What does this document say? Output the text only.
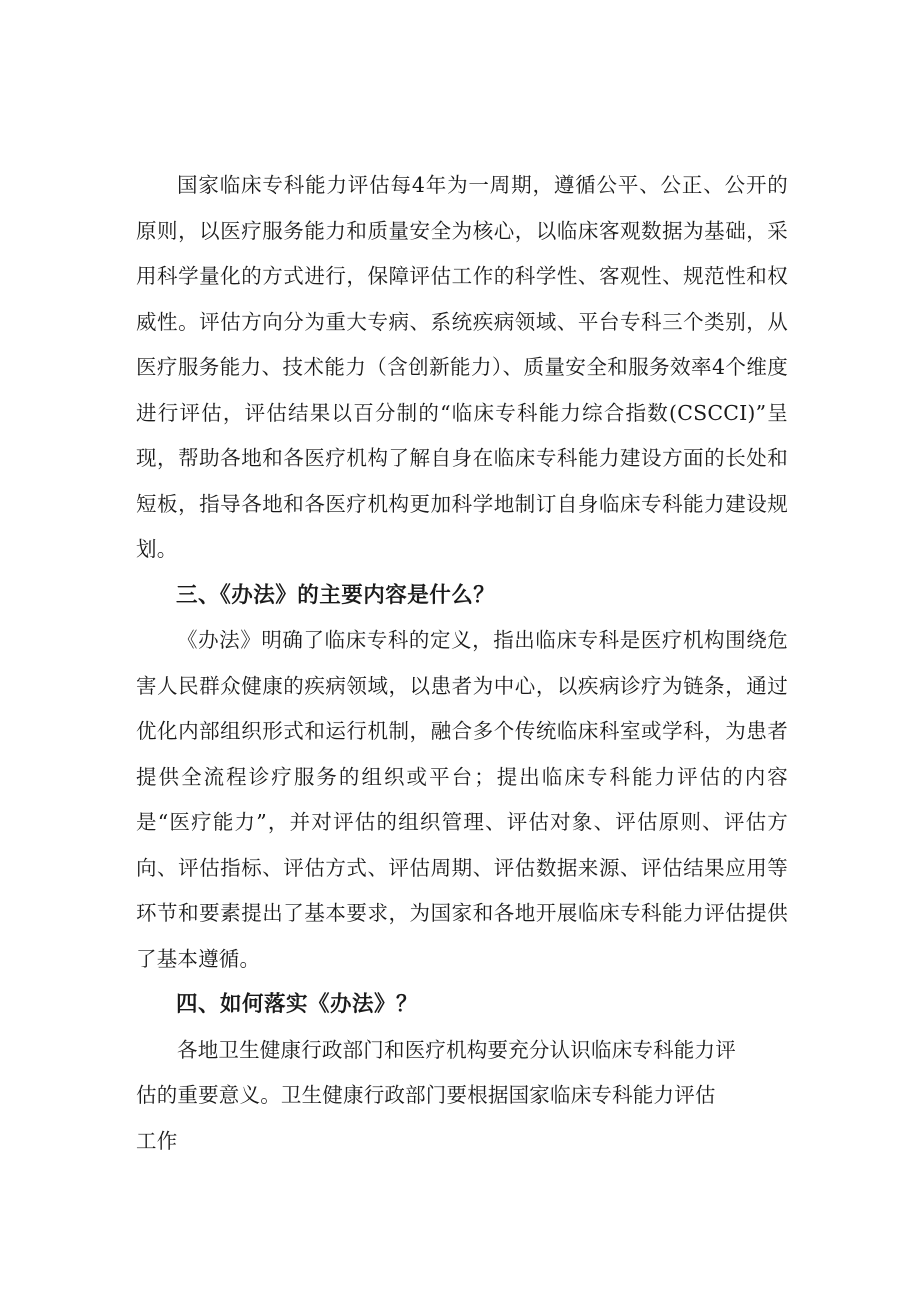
国家临床专科能力评估每4年为一周期，遵循公平、公正、公开的原则，以医疗服务能力和质量安全为核心，以临床客观数据为基础，采用科学量化的方式进行，保障评估工作的科学性、客观性、规范性和权威性。评估方向分为重大专病、系统疾病领域、平台专科三个类别，从医疗服务能力、技术能力（含创新能力）、质量安全和服务效率4个维度进行评估，评估结果以百分制的“临床专科能力综合指数(CSCCI)”呈现，帮助各地和各医疗机构了解自身在临床专科能力建设方面的长处和短板，指导各地和各医疗机构更加科学地制订自身临床专科能力建设规划。

三、《办法》的主要内容是什么？

《办法》明确了临床专科的定义，指出临床专科是医疗机构围绕危害人民群众健康的疾病领域，以患者为中心，以疾病诊疗为链条，通过优化内部组织形式和运行机制，融合多个传统临床科室或学科，为患者提供全流程诊疗服务的组织或平台；提出临床专科能力评估的内容是“医疗能力”，并对评估的组织管理、评估对象、评估原则、评估方向、评估指标、评估方式、评估周期、评估数据来源、评估结果应用等环节和要素提出了基本要求，为国家和各地开展临床专科能力评估提供了基本遵循。

四、如何落实《办法》？

各地卫生健康行政部门和医疗机构要充分认识临床专科能力评估的重要意义。卫生健康行政部门要根据国家临床专科能力评估工作
